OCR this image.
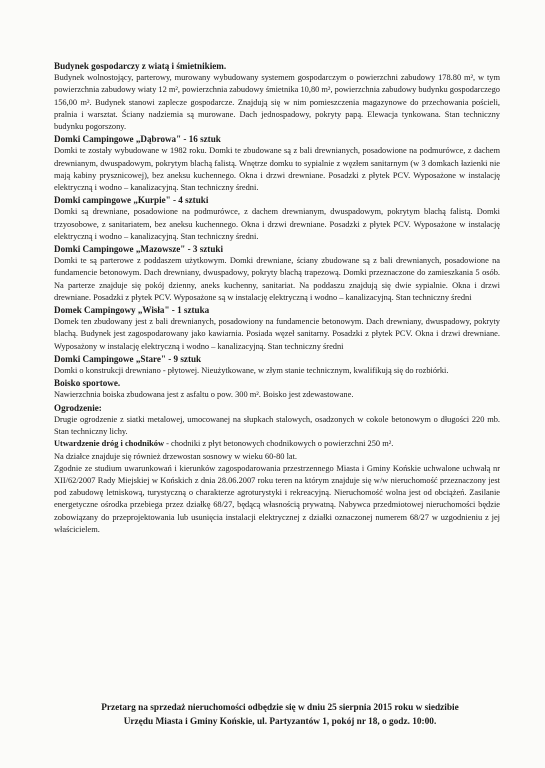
Budynek gospodarczy z wiatą i śmietnikiem.
Budynek wolnostojący, parterowy, murowany wybudowany systemem gospodarczym o powierzchni zabudowy 178.80 m², w tym powierzchnia zabudowy wiaty 12 m², powierzchnia zabudowy śmietnika 10,80 m², powierzchnia zabudowy budynku gospodarczego 156,00 m². Budynek stanowi zaplecze gospodarcze. Znajdują się w nim pomieszczenia magazynowe do przechowania pościeli, pralnia i warsztat. Ściany nadziemia są murowane. Dach jednospadowy, pokryty papą. Elewacja tynkowana. Stan techniczny budynku pogorszony.
Domki Campingowe „Dąbrowa" - 16 sztuk
Domki te zostały wybudowane w 1982 roku. Domki te zbudowane są z bali drewnianych, posadowione na podmurówce, z dachem drewnianym, dwuspadowym, pokrytym blachą falistą. Wnętrze domku to sypialnie z węzłem sanitarnym (w 3 domkach łazienki nie mają kabiny prysznicowej), bez aneksu kuchennego. Okna i drzwi drewniane. Posadzki z płytek PCV. Wyposażone w instalację elektryczną i wodno – kanalizacyjną. Stan techniczny średni.
Domki campingowe „Kurpie" - 4 sztuki
Domki są drewniane, posadowione na podmurówce, z dachem drewnianym, dwuspadowym, pokrytym blachą falistą. Domki trzyosobowe, z sanitariatem, bez aneksu kuchennego. Okna i drzwi drewniane. Posadzki z płytek PCV. Wyposażone w instalację elektryczną i wodno – kanalizacyjną. Stan techniczny średni.
Domki Campingowe „Mazowsze" - 3 sztuki
Domki te są parterowe z poddaszem użytkowym. Domki drewniane, ściany zbudowane są z bali drewnianych, posadowione na fundamencie betonowym. Dach drewniany, dwuspadowy, pokryty blachą trapezową. Domki przeznaczone do zamieszkania 5 osób. Na parterze znajduje się pokój dzienny, aneks kuchenny, sanitariat. Na poddaszu znajdują się dwie sypialnie. Okna i drzwi drewniane. Posadzki z płytek PCV. Wyposażone są w instalację elektryczną i wodno – kanalizacyjną. Stan techniczny średni
Domek Campingowy „Wisła" - 1 sztuka
Domek ten zbudowany jest z bali drewnianych, posadowiony na fundamencie betonowym. Dach drewniany, dwuspadowy, pokryty blachą. Budynek jest zagospodarowany jako kawiarnia. Posiada węzeł sanitarny. Posadzki z płytek PCV. Okna i drzwi drewniane. Wyposażony w instalację elektryczną i wodno – kanalizacyjną. Stan techniczny średni
Domki Campingowe „Stare" - 9 sztuk
Domki o konstrukcji drewniano - płytowej. Nieużytkowane, w złym stanie technicznym, kwalifikują się do rozbiórki.
Boisko sportowe.
Nawierzchnia boiska zbudowana jest z asfaltu o pow. 300 m². Boisko jest zdewastowane.
Ogrodzenie:
Drugie ogrodzenie z siatki metalowej, umocowanej na słupkach stalowych, osadzonych w cokole betonowym o długości 220 mb. Stan techniczny lichy.
Utwardzenie dróg i chodników - chodniki z płyt betonowych chodnikowych o powierzchni 250 m².
Na działce znajduje się również drzewostan sosnowy w wieku 60-80 lat.
Zgodnie ze studium uwarunkowań i kierunków zagospodarowania przestrzennego Miasta i Gminy Końskie uchwalone uchwałą nr XII/62/2007 Rady Miejskiej w Końskich z dnia 28.06.2007 roku teren na którym znajduje się w/w nieruchomość przeznaczony jest pod zabudowę letniskową, turystyczną o charakterze agroturystyki i rekreacyjną. Nieruchomość wolna jest od obciążeń. Zasilanie energetyczne ośrodka przebiega przez działkę 68/27, będącą własnością prywatną. Nabywca przedmiotowej nieruchomości będzie zobowiązany do przeprojektowania lub usunięcia instalacji elektrycznej z działki oznaczonej numerem 68/27 w uzgodnieniu z jej właścicielem.
Przetarg na sprzedaż nieruchomości odbędzie się w dniu 25 sierpnia 2015 roku w siedzibie
Urzędu Miasta i Gminy Końskie, ul. Partyzantów 1, pokój nr 18, o godz. 10:00.
